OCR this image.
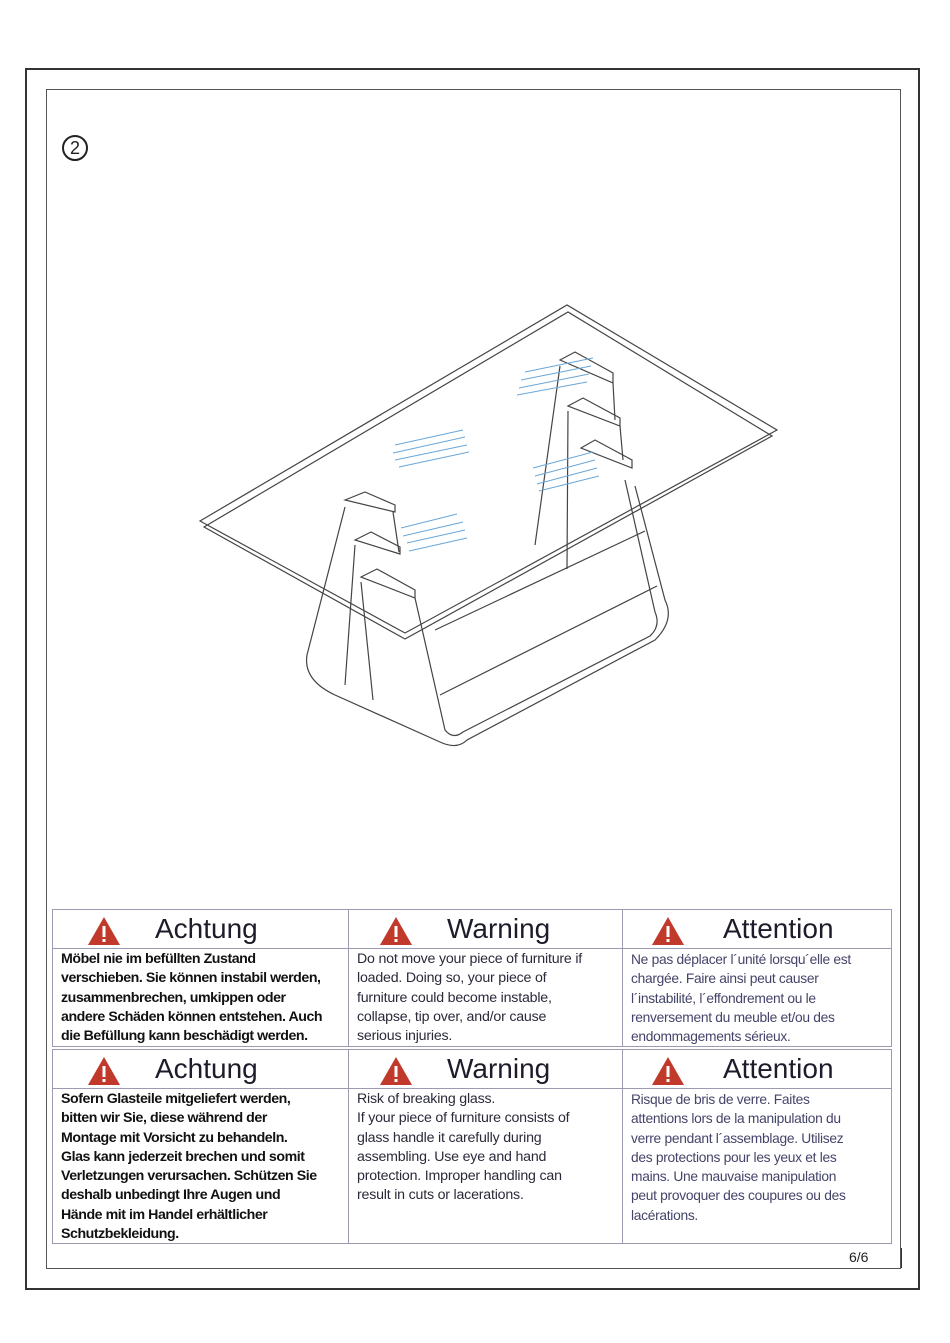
2
Achtung
Möbel nie im befüllten Zustand
verschieben. Sie können instabil werden,
zusammenbrechen, umkippen oder
andere Schäden können entstehen. Auch
die Befüllung kann beschädigt werden.
Warning
Do not move your piece of furniture if
loaded. Doing so, your piece of
furniture could become instable,
collapse, tip over, and/or cause
serious injuries.
Attention
Ne pas déplacer l´unité lorsqu´elle est
chargée. Faire ainsi peut causer
l´instabilité, l´effondrement ou le
renversement du meuble et/ou des
endommagements sérieux.
Achtung
Sofern Glasteile mitgeliefert werden,
bitten wir Sie, diese während der
Montage mit Vorsicht zu behandeln.
Glas kann jederzeit brechen und somit
Verletzungen verursachen. Schützen Sie
deshalb unbedingt Ihre Augen und
Hände mit im Handel erhältlicher
Schutzbekleidung.
Warning
Risk of breaking glass.
If your piece of furniture consists of
glass handle it carefully during
assembling. Use eye and hand
protection. Improper handling can
result in cuts or lacerations.
Attention
Risque de bris de verre. Faites
attentions lors de la manipulation du
verre pendant l´assemblage. Utilisez
des protections pour les yeux et les
mains. Une mauvaise manipulation
peut provoquer des coupures ou des
lacérations.
6/6
